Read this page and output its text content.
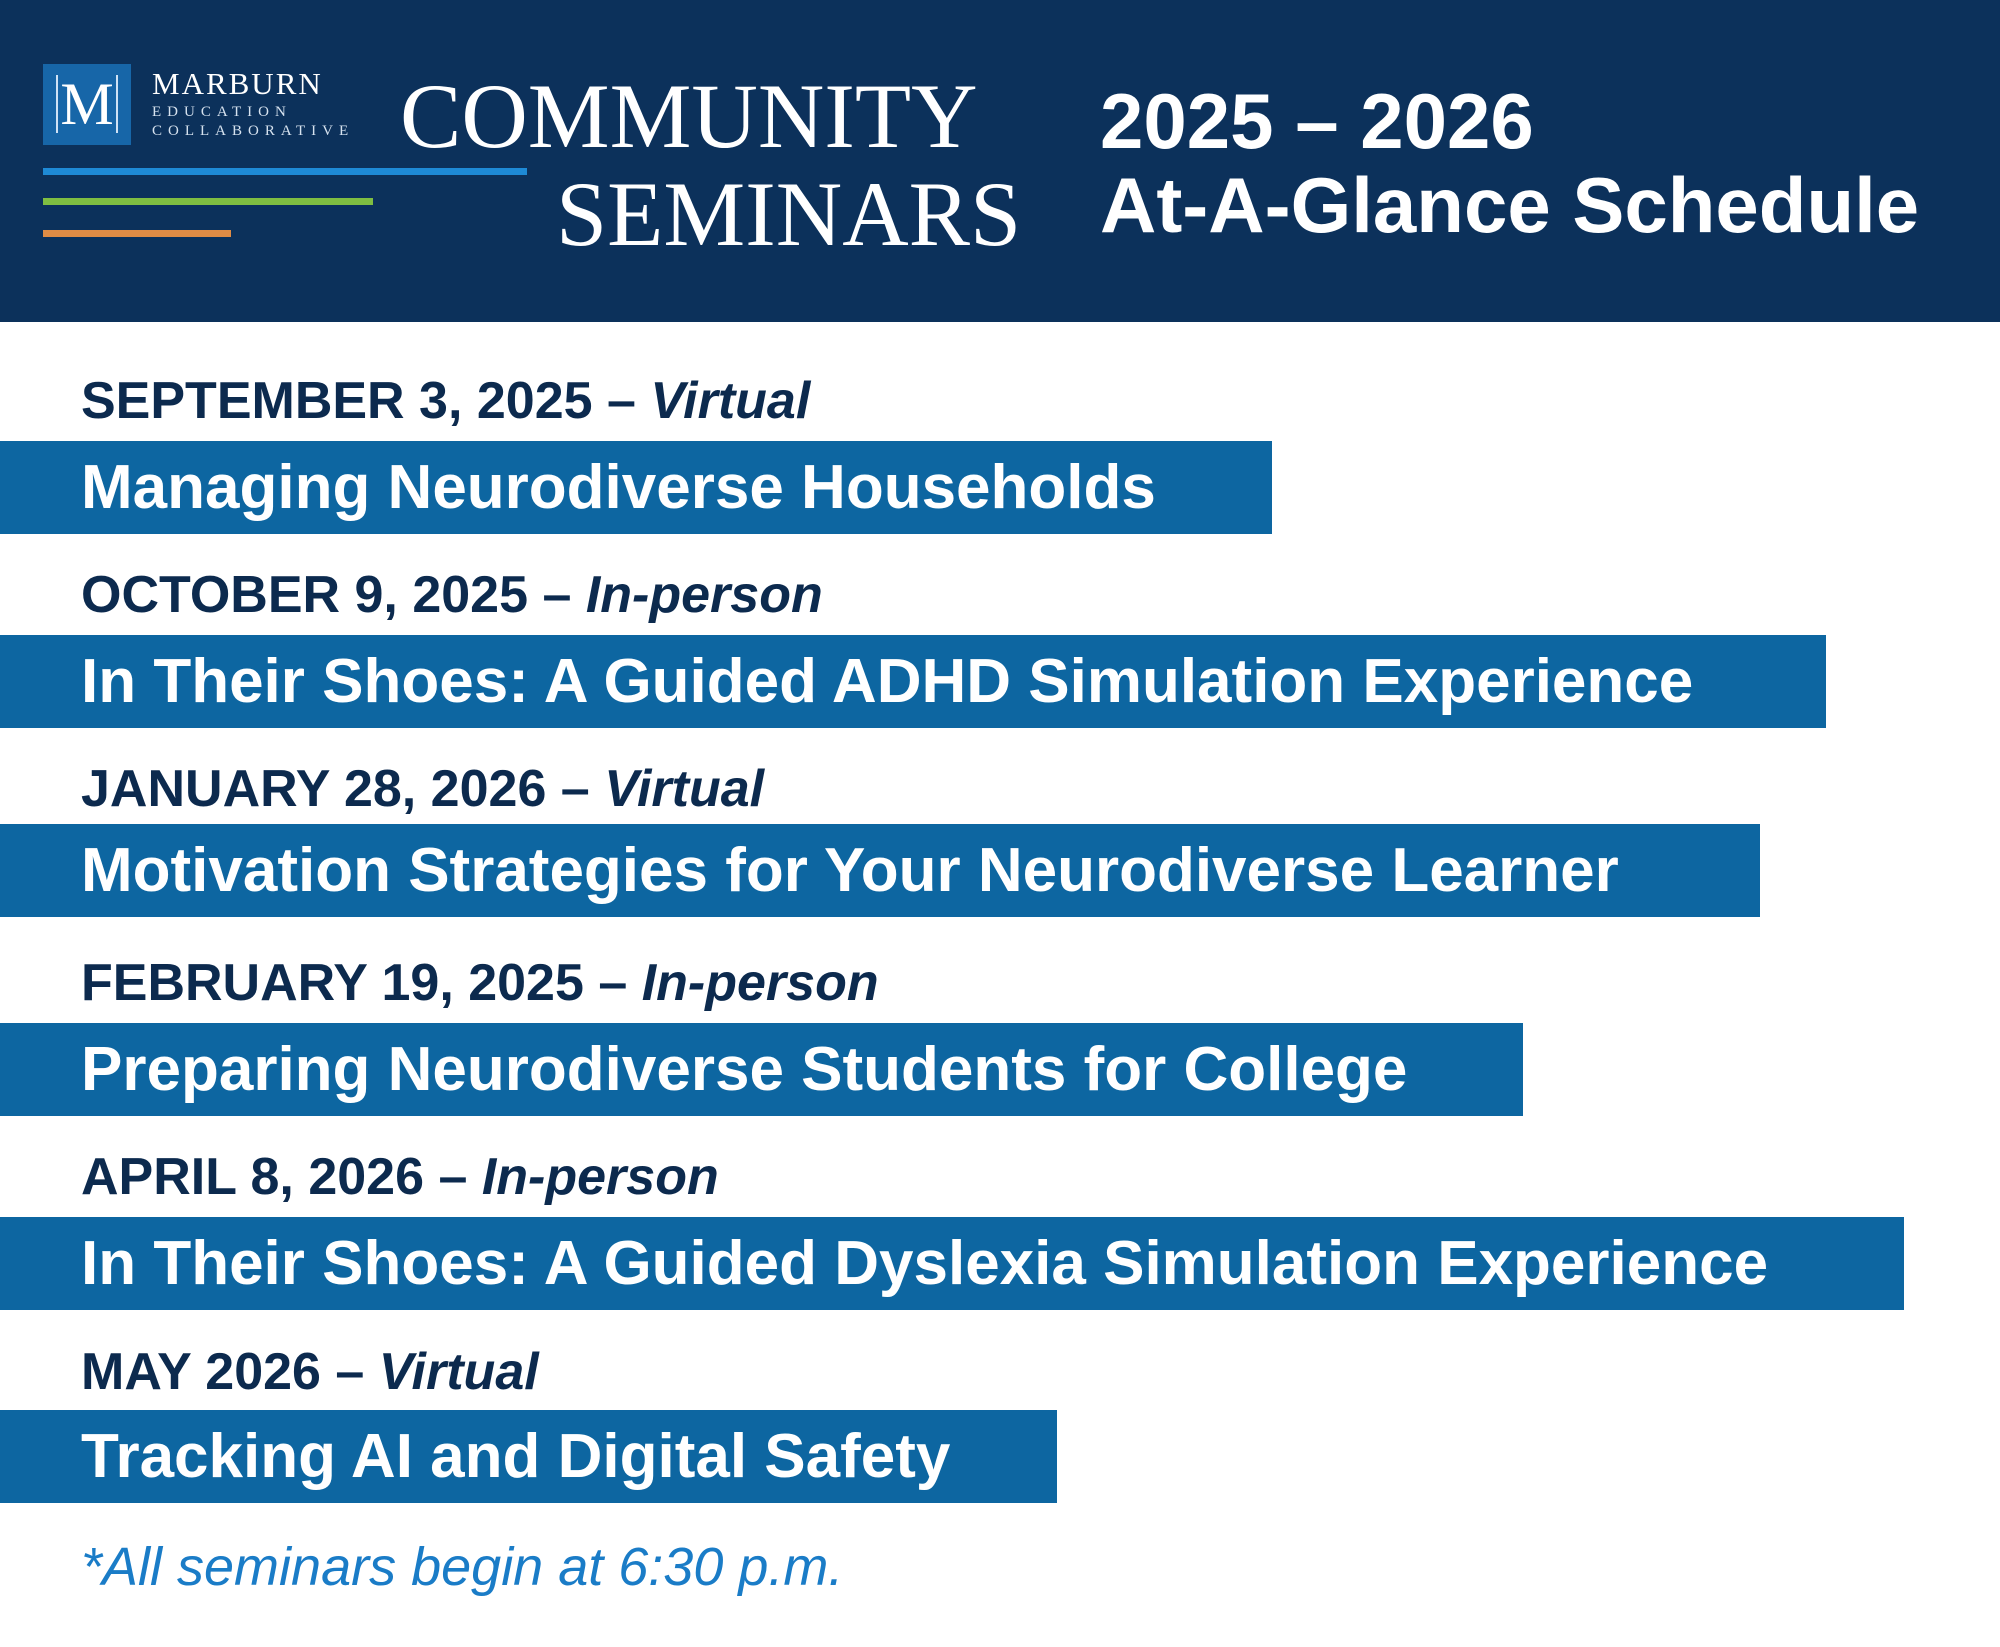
M	MARBURN
EDUCATION
COLLABORATIVE COMMUNITY
SEMINARS
2025 – 2026
At-A-Glance Schedule
SEPTEMBER 3, 2025 – Virtual
Managing Neurodiverse Households
OCTOBER 9, 2025 – In-person
In Their Shoes: A Guided ADHD Simulation Experience
JANUARY 28, 2026 – Virtual
Motivation Strategies for Your Neurodiverse Learner
FEBRUARY 19, 2025 – In-person
Preparing Neurodiverse Students for College
APRIL 8, 2026 – In-person
In Their Shoes: A Guided Dyslexia Simulation Experience
MAY 2026 – Virtual
Tracking AI and Digital Safety
*All seminars begin at 6:30 p.m.
